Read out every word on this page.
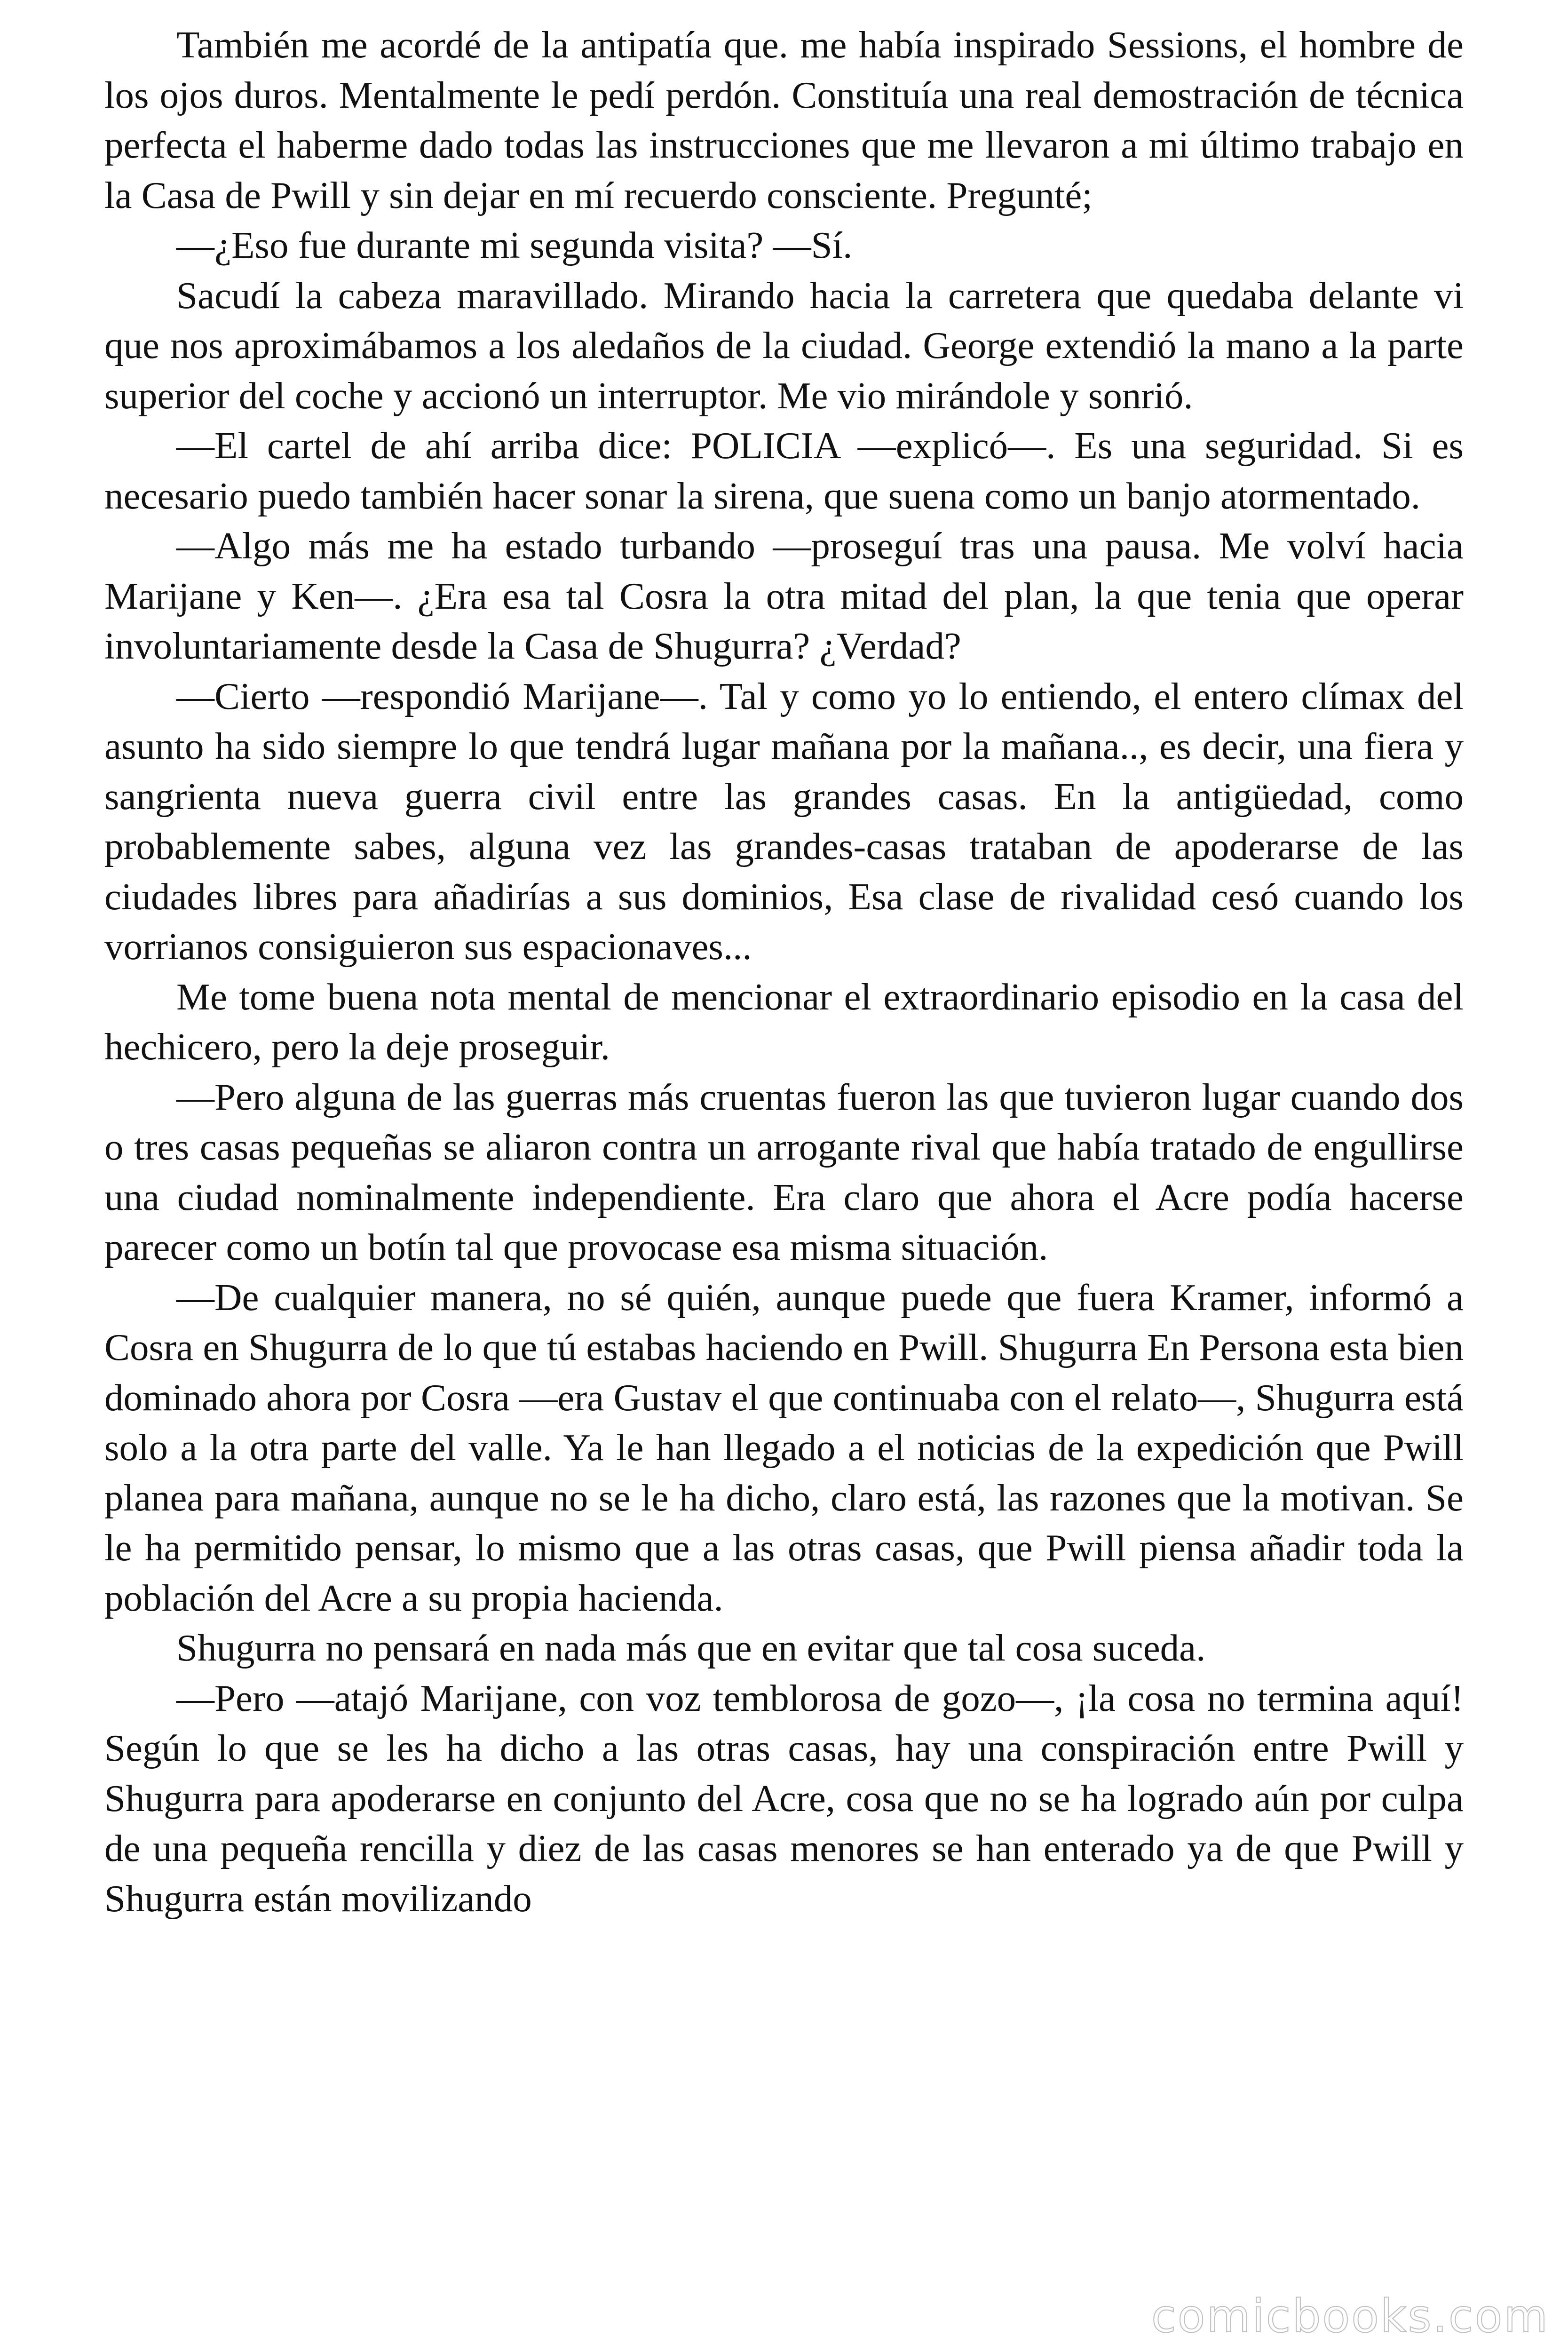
También me acordé de la antipatía que. me había inspirado Sessions, el hombre de los ojos duros. Mentalmente le pedí perdón. Constituía una real demostración de técnica perfecta el haberme dado todas las instrucciones que me llevaron a mi último trabajo en la Casa de Pwill y sin dejar en mí recuerdo consciente. Pregunté;

—¿Eso fue durante mi segunda visita? —Sí.

Sacudí la cabeza maravillado. Mirando hacia la carretera que quedaba delante vi que nos aproximábamos a los aledaños de la ciudad. George extendió la mano a la parte superior del coche y accionó un interruptor. Me vio mirándole y sonrió.

—El cartel de ahí arriba dice: POLICIA —explicó—. Es una seguridad. Si es necesario puedo también hacer sonar la sirena, que suena como un banjo atormentado.

—Algo más me ha estado turbando —proseguí tras una pausa. Me volví hacia Marijane y Ken—. ¿Era esa tal Cosra la otra mitad del plan, la que tenia que operar involuntariamente desde la Casa de Shugurra? ¿Verdad?

—Cierto —respondió Marijane—. Tal y como yo lo entiendo, el entero clímax del asunto ha sido siempre lo que tendrá lugar mañana por la mañana.., es decir, una fiera y sangrienta nueva guerra civil entre las grandes casas. En la antigüedad, como probablemente sabes, alguna vez las grandes-casas trataban de apoderarse de las ciudades libres para añadirías a sus dominios, Esa clase de rivalidad cesó cuando los vorrianos consiguieron sus espacionaves...

Me tome buena nota mental de mencionar el extraordinario episodio en la casa del hechicero, pero la deje proseguir.

—Pero alguna de las guerras más cruentas fueron las que tuvieron lugar cuando dos o tres casas pequeñas se aliaron contra un arrogante rival que había tratado de engullirse una ciudad nominalmente independiente. Era claro que ahora el Acre podía hacerse parecer como un botín tal que provocase esa misma situación.

—De cualquier manera, no sé quién, aunque puede que fuera Kramer, informó a Cosra en Shugurra de lo que tú estabas haciendo en Pwill. Shugurra En Persona esta bien dominado ahora por Cosra —era Gustav el que continuaba con el relato—, Shugurra está solo a la otra parte del valle. Ya le han llegado a el noticias de la expedición que Pwill planea para mañana, aunque no se le ha dicho, claro está, las razones que la motivan. Se le ha permitido pensar, lo mismo que a las otras casas, que Pwill piensa añadir toda la población del Acre a su propia hacienda.

Shugurra no pensará en nada más que en evitar que tal cosa suceda.

—Pero —atajó Marijane, con voz temblorosa de gozo—, ¡la cosa no termina aquí! Según lo que se les ha dicho a las otras casas, hay una conspiración entre Pwill y Shugurra para apoderarse en conjunto del Acre, cosa que no se ha logrado aún por culpa de una pequeña rencilla y diez de las casas menores se han enterado ya de que Pwill y Shugurra están movilizando

comicbooks.com
